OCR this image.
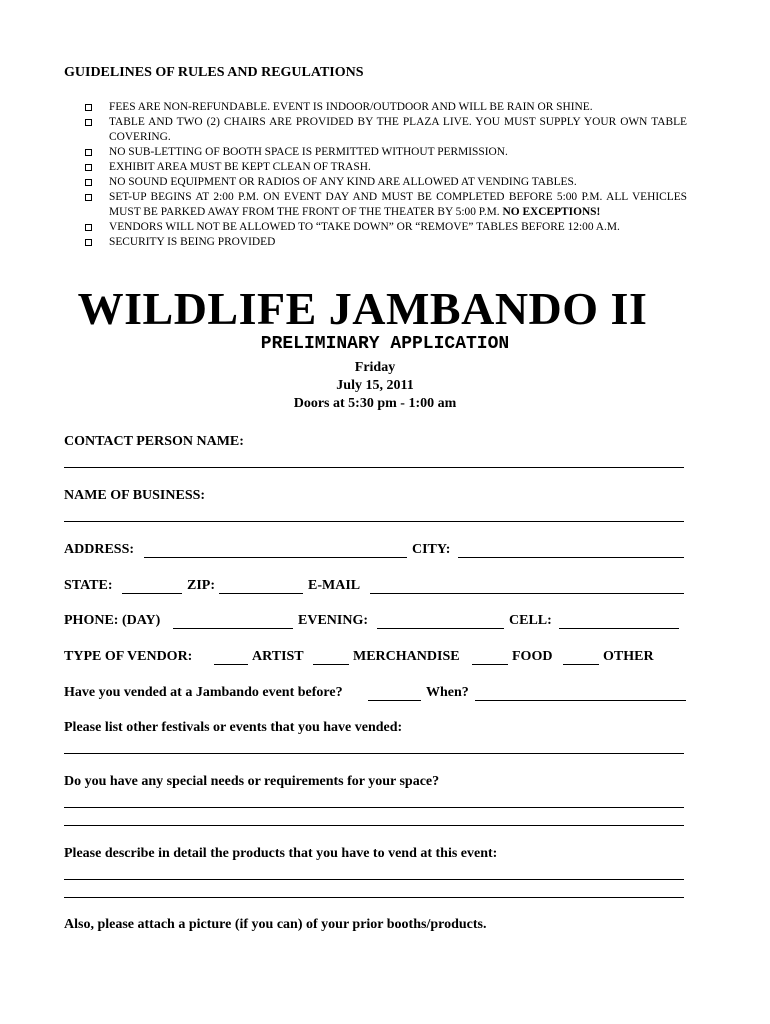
GUIDELINES OF RULES AND REGULATIONS
FEES ARE NON-REFUNDABLE. EVENT IS INDOOR/OUTDOOR AND WILL BE RAIN OR SHINE.
TABLE AND TWO (2) CHAIRS ARE PROVIDED BY THE PLAZA LIVE. YOU MUST SUPPLY YOUR OWN TABLE COVERING.
NO SUB-LETTING OF BOOTH SPACE IS PERMITTED WITHOUT PERMISSION.
EXHIBIT AREA MUST BE KEPT CLEAN OF TRASH.
NO SOUND EQUIPMENT OR RADIOS OF ANY KIND ARE ALLOWED AT VENDING TABLES.
SET-UP BEGINS AT 2:00 P.M. ON EVENT DAY AND MUST BE COMPLETED BEFORE 5:00 P.M. ALL VEHICLES MUST BE PARKED AWAY FROM THE FRONT OF THE THEATER BY 5:00 P.M. NO EXCEPTIONS!
VENDORS WILL NOT BE ALLOWED TO “TAKE DOWN” OR “REMOVE” TABLES BEFORE 12:00 A.M.
SECURITY IS BEING PROVIDED
WILDLIFE JAMBANDO II
PRELIMINARY APPLICATION
Friday
July 15, 2011
Doors at 5:30 pm - 1:00 am
CONTACT PERSON NAME:
NAME OF BUSINESS:
ADDRESS:	CITY:
STATE:	ZIP:	E-MAIL
PHONE: (DAY)	EVENING:	CELL:
TYPE OF VENDOR:	ARTIST	MERCHANDISE	FOOD	OTHER
Have you vended at a Jambando event before?	When?
Please list other festivals or events that you have vended:
Do you have any special needs or requirements for your space?
Please describe in detail the products that you have to vend at this event:
Also, please attach a picture (if you can) of your prior booths/products.
